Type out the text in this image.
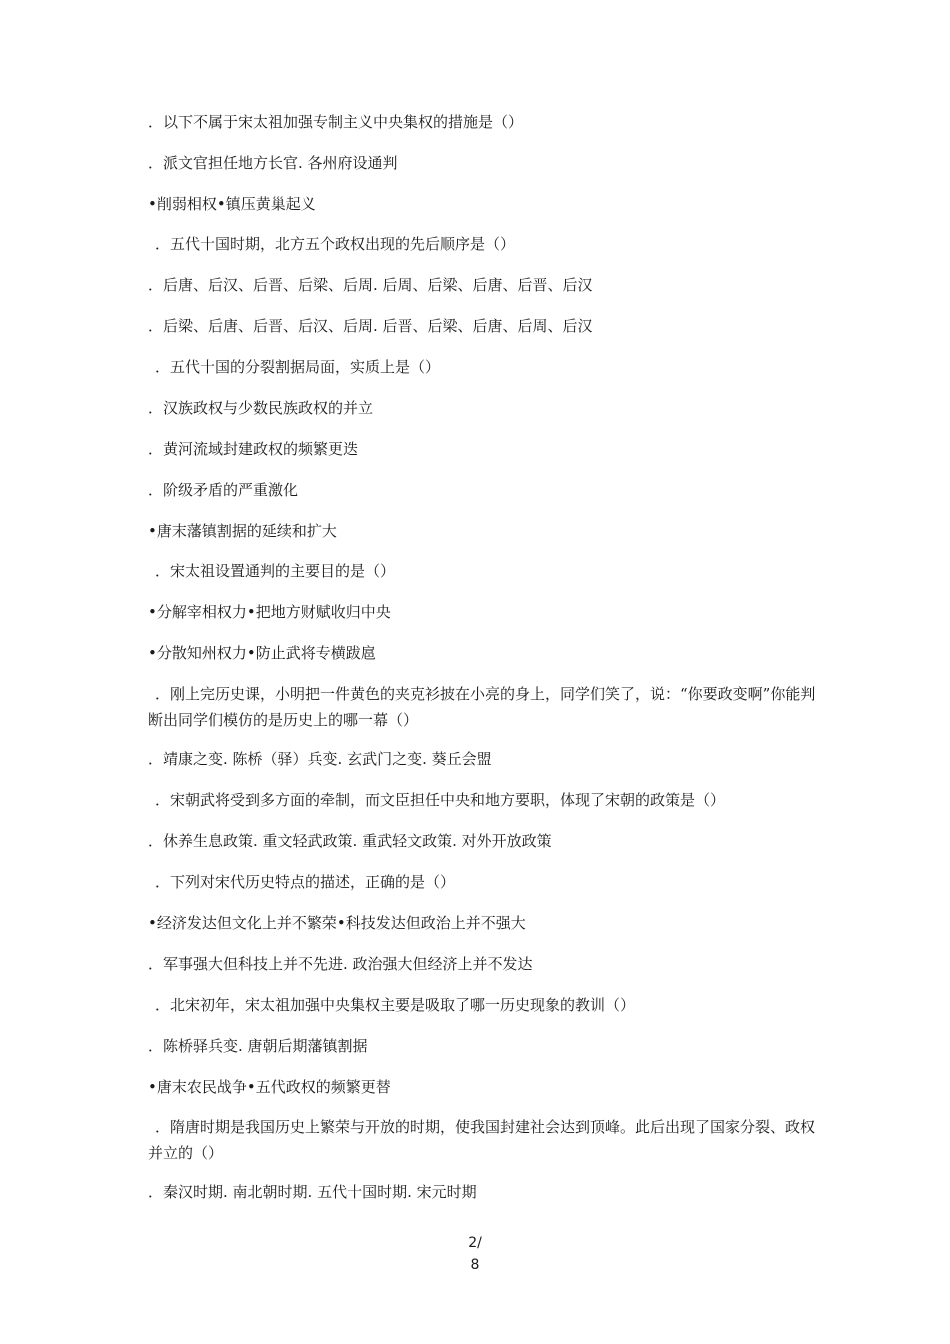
．以下不属于宋太祖加强专制主义中央集权的措施是（）
．派文官担任地方长官. 各州府设通判
•削弱相权•镇压黄巢起义
．五代十国时期，北方五个政权出现的先后顺序是（）
．后唐、后汉、后晋、后梁、后周. 后周、后梁、后唐、后晋、后汉
．后梁、后唐、后晋、后汉、后周. 后晋、后梁、后唐、后周、后汉
．五代十国的分裂割据局面，实质上是（）
．汉族政权与少数民族政权的并立
．黄河流域封建政权的频繁更迭
．阶级矛盾的严重激化
•唐末藩镇割据的延续和扩大
．宋太祖设置通判的主要目的是（）
•分解宰相权力•把地方财赋收归中央
•分散知州权力•防止武将专横跋扈
．刚上完历史课，小明把一件黄色的夹克衫披在小亮的身上，同学们笑了，说：“你要政变啊”你能判断出同学们模仿的是历史上的哪一幕（）
．靖康之变. 陈桥（驿）兵变. 玄武门之变. 葵丘会盟
．宋朝武将受到多方面的牵制，而文臣担任中央和地方要职，体现了宋朝的政策是（）
．休养生息政策. 重文轻武政策. 重武轻文政策. 对外开放政策
．下列对宋代历史特点的描述，正确的是（）
•经济发达但文化上并不繁荣•科技发达但政治上并不强大
．军事强大但科技上并不先进. 政治强大但经济上并不发达
．北宋初年，宋太祖加强中央集权主要是吸取了哪一历史现象的教训（）
．陈桥驿兵变. 唐朝后期藩镇割据
•唐末农民战争•五代政权的频繁更替
．隋唐时期是我国历史上繁荣与开放的时期，使我国封建社会达到顶峰。此后出现了国家分裂、政权并立的（）
．秦汉时期. 南北朝时期. 五代十国时期. 宋元时期
2/
8
